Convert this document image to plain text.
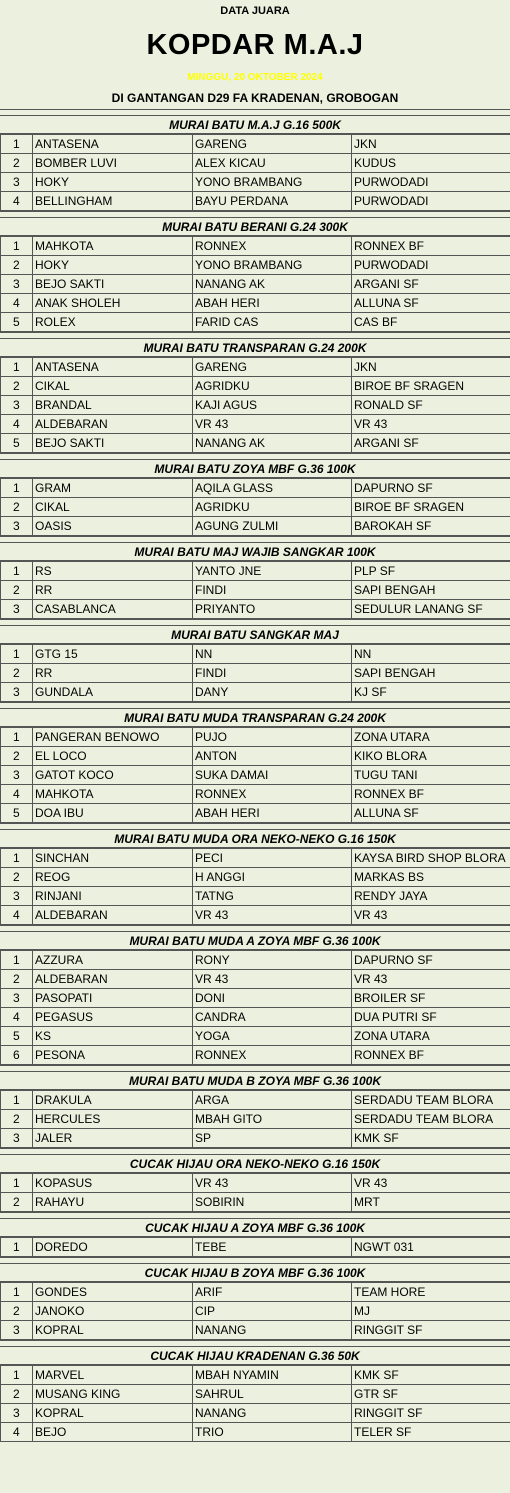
DATA JUARA
KOPDAR M.A.J
MINGGU, 20 OKTOBER 2024
DI GANTANGAN D29 FA KRADENAN, GROBOGAN
MURAI BATU M.A.J G.16 500K
1	ANTASENA	GARENG	JKN
2	BOMBER LUVI	ALEX KICAU	KUDUS
3	HOKY	YONO BRAMBANG	PURWODADI
4	BELLINGHAM	BAYU PERDANA	PURWODADI
MURAI BATU BERANI G.24 300K
1	MAHKOTA	RONNEX	RONNEX BF
2	HOKY	YONO BRAMBANG	PURWODADI
3	BEJO SAKTI	NANANG AK	ARGANI SF
4	ANAK SHOLEH	ABAH HERI	ALLUNA SF
5	ROLEX	FARID CAS	CAS BF
MURAI BATU TRANSPARAN G.24 200K
1	ANTASENA	GARENG	JKN
2	CIKAL	AGRIDKU	BIROE BF SRAGEN
3	BRANDAL	KAJI AGUS	RONALD SF
4	ALDEBARAN	VR 43	VR 43
5	BEJO SAKTI	NANANG AK	ARGANI SF
MURAI BATU ZOYA MBF G.36 100K
1	GRAM	AQILA GLASS	DAPURNO SF
2	CIKAL	AGRIDKU	BIROE BF SRAGEN
3	OASIS	AGUNG ZULMI	BAROKAH SF
MURAI BATU MAJ WAJIB SANGKAR 100K
1	RS	YANTO JNE	PLP SF
2	RR	FINDI	SAPI BENGAH
3	CASABLANCA	PRIYANTO	SEDULUR LANANG SF
MURAI BATU SANGKAR MAJ
1	GTG 15	NN	NN
2	RR	FINDI	SAPI BENGAH
3	GUNDALA	DANY	KJ SF
MURAI BATU MUDA TRANSPARAN G.24 200K
1	PANGERAN BENOWO	PUJO	ZONA UTARA
2	EL LOCO	ANTON	KIKO BLORA
3	GATOT KOCO	SUKA DAMAI	TUGU TANI
4	MAHKOTA	RONNEX	RONNEX BF
5	DOA IBU	ABAH HERI	ALLUNA SF
MURAI BATU MUDA ORA NEKO-NEKO G.16 150K
1	SINCHAN	PECI	KAYSA BIRD SHOP BLORA
2	REOG	H ANGGI	MARKAS BS
3	RINJANI	TATNG	RENDY JAYA
4	ALDEBARAN	VR 43	VR 43
MURAI BATU MUDA A ZOYA MBF G.36 100K
1	AZZURA	RONY	DAPURNO SF
2	ALDEBARAN	VR 43	VR 43
3	PASOPATI	DONI	BROILER SF
4	PEGASUS	CANDRA	DUA PUTRI SF
5	KS	YOGA	ZONA UTARA
6	PESONA	RONNEX	RONNEX BF
MURAI BATU MUDA B ZOYA MBF G.36 100K
1	DRAKULA	ARGA	SERDADU TEAM BLORA
2	HERCULES	MBAH GITO	SERDADU TEAM BLORA
3	JALER	SP	KMK SF
CUCAK HIJAU ORA NEKO-NEKO G.16 150K
1	KOPASUS	VR 43	VR 43
2	RAHAYU	SOBIRIN	MRT
CUCAK HIJAU A ZOYA MBF G.36 100K
1	DOREDO	TEBE	NGWT 031
CUCAK HIJAU B ZOYA MBF G.36 100K
1	GONDES	ARIF	TEAM HORE
2	JANOKO	CIP	MJ
3	KOPRAL	NANANG	RINGGIT SF
CUCAK HIJAU KRADENAN G.36 50K
1	MARVEL	MBAH NYAMIN	KMK SF
2	MUSANG KING	SAHRUL	GTR SF
3	KOPRAL	NANANG	RINGGIT SF
4	BEJO	TRIO	TELER SF
